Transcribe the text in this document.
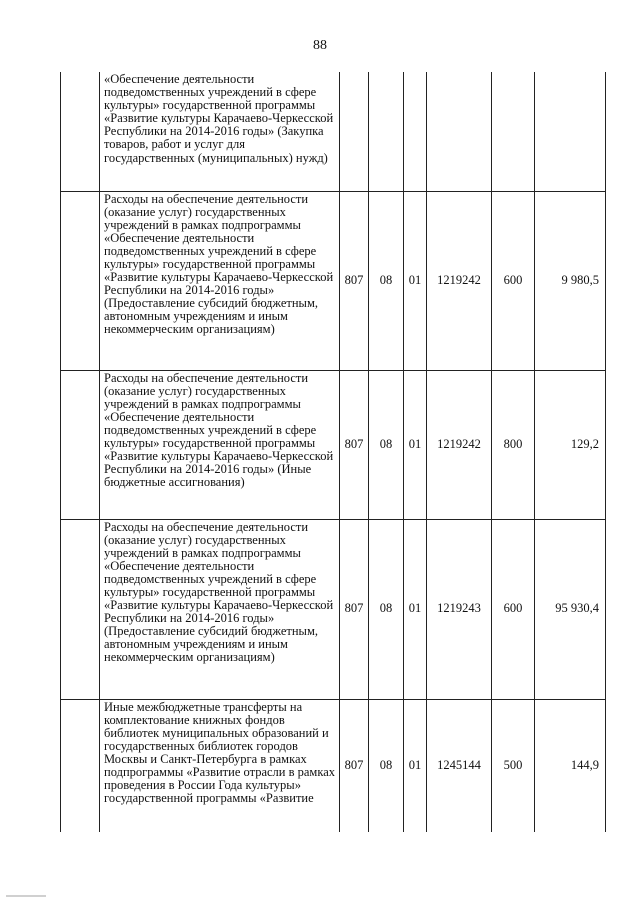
88
	«Обеспечение деятельности подведомственных учреждений в сфере культуры» государственной программы «Развитие культуры Карачаево-Черкесской Республики на 2014-2016 годы» (Закупка товаров, работ и услуг для государственных (муниципальных) нужд)						
	Расходы на обеспечение деятельности (оказание услуг) государственных учреждений в рамках подпрограммы «Обеспечение деятельности подведомственных учреждений в сфере культуры» государственной программы «Развитие культуры Карачаево-Черкесской Республики на 2014-2016 годы» (Предоставление субсидий бюджетным, автономным учреждениям и иным некоммерческим организациям)	807	08	01	1219242	600	9 980,5
	Расходы на обеспечение деятельности (оказание услуг) государственных учреждений в рамках подпрограммы «Обеспечение деятельности подведомственных учреждений в сфере культуры» государственной программы «Развитие культуры Карачаево-Черкесской Республики на 2014-2016 годы» (Иные бюджетные ассигнования)	807	08	01	1219242	800	129,2
	Расходы на обеспечение деятельности (оказание услуг) государственных учреждений в рамках подпрограммы «Обеспечение деятельности подведомственных учреждений в сфере культуры» государственной программы «Развитие культуры Карачаево-Черкесской Республики на 2014-2016 годы» (Предоставление субсидий бюджетным, автономным учреждениям и иным некоммерческим организациям)	807	08	01	1219243	600	95 930,4
	Иные межбюджетные трансферты на комплектование книжных фондов библиотек муниципальных образований и государственных библиотек городов Москвы и Санкт-Петербурга в рамках подпрограммы «Развитие отрасли в рамках проведения в России Года культуры» государственной программы «Развитие	807	08	01	1245144	500	144,9
